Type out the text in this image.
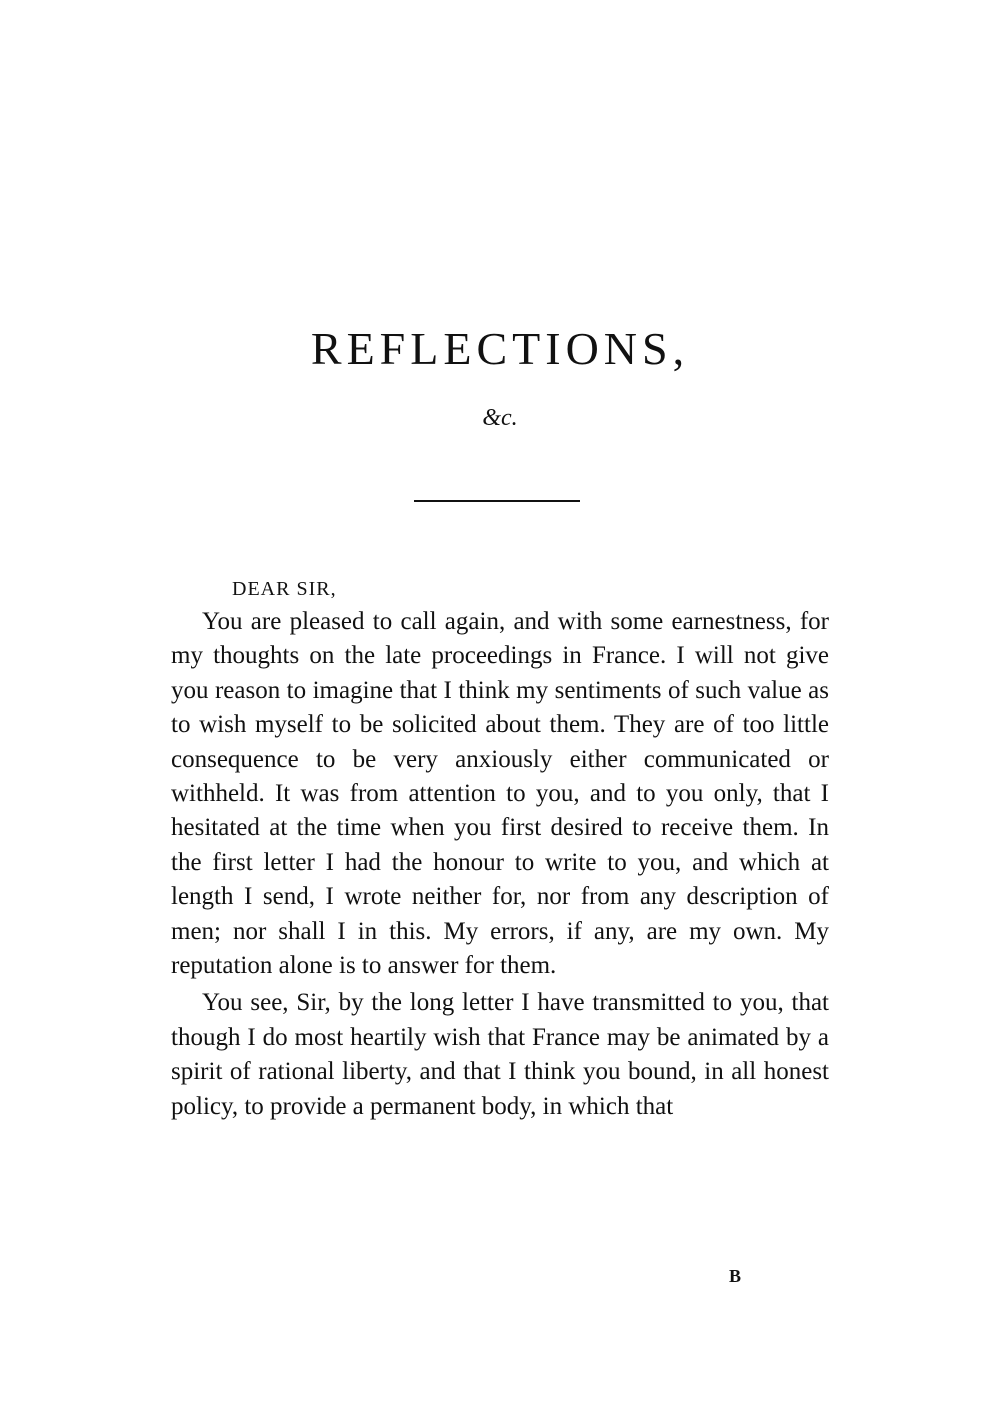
REFLECTIONS,

&c.

DEAR SIR,

You are pleased to call again, and with some earnestness, for my thoughts on the late proceedings in France. I will not give you reason to imagine that I think my sentiments of such value as to wish myself to be solicited about them. They are of too little consequence to be very anxiously either communicated or withheld. It was from attention to you, and to you only, that I hesitated at the time when you first desired to receive them. In the first letter I had the honour to write to you, and which at length I send, I wrote neither for, nor from any description of men; nor shall I in this. My errors, if any, are my own. My reputation alone is to answer for them.

You see, Sir, by the long letter I have transmitted to you, that though I do most heartily wish that France may be animated by a spirit of rational liberty, and that I think you bound, in all honest policy, to provide a permanent body, in which that

B
